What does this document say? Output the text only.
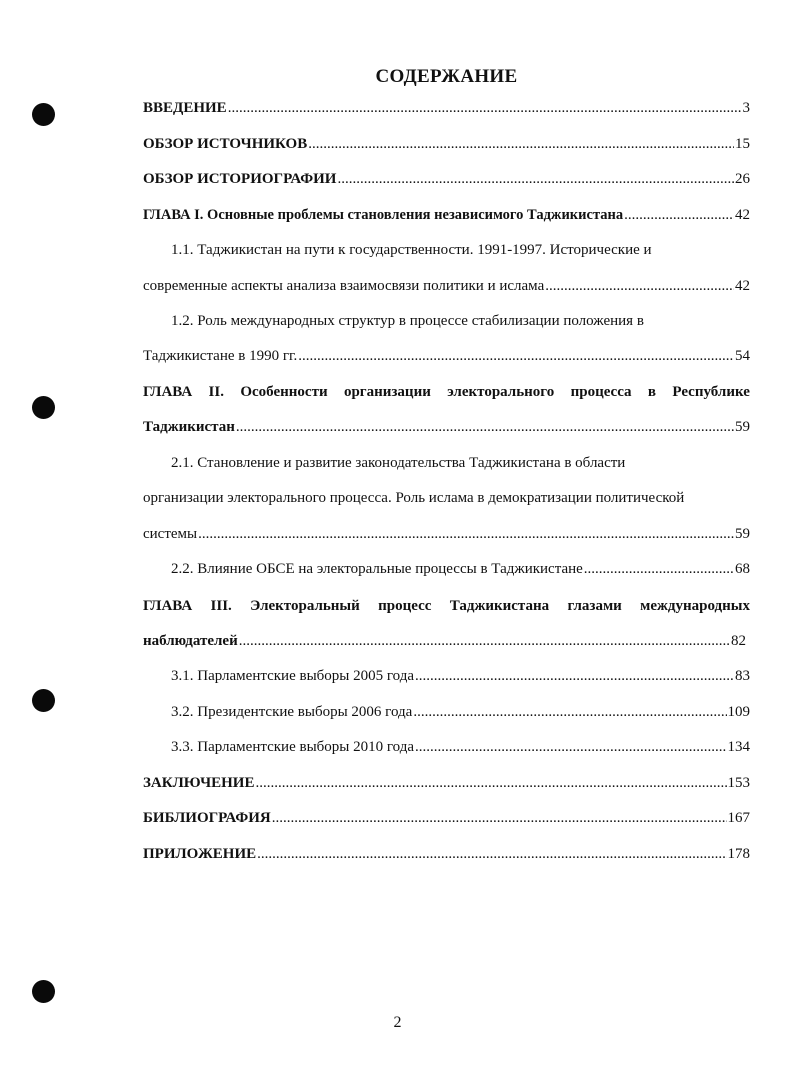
СОДЕРЖАНИЕ
ВВЕДЕНИЕ .....	3
ОБЗОР ИСТОЧНИКОВ .....	15
ОБЗОР ИСТОРИОГРАФИИ .....	26
ГЛАВА I. Основные проблемы становления независимого Таджикистана .....	42
1.1. Таджикистан на пути к государственности. 1991-1997. Исторические и
современные аспекты анализа взаимосвязи политики и ислама .....	42
1.2. Роль международных структур в процессе стабилизации положения в
Таджикистане в 1990 гг. .....	54
ГЛАВА II. Особенности организации электорального процесса в Республике
Таджикистан .....	59
2.1. Становление и развитие законодательства Таджикистана в области
организации электорального процесса. Роль ислама в демократизации политической
системы .....	59
2.2. Влияние ОБСЕ на электоральные процессы в Таджикистане .....	68
ГЛАВА III. Электоральный процесс Таджикистана глазами международных
наблюдателей .....	82
3.1. Парламентские выборы 2005 года .....	83
3.2. Президентские выборы 2006 года .....	109
3.3. Парламентские выборы 2010 года .....	134
ЗАКЛЮЧЕНИЕ .....	153
БИБЛИОГРАФИЯ .....	167
ПРИЛОЖЕНИЕ .....	178
2
